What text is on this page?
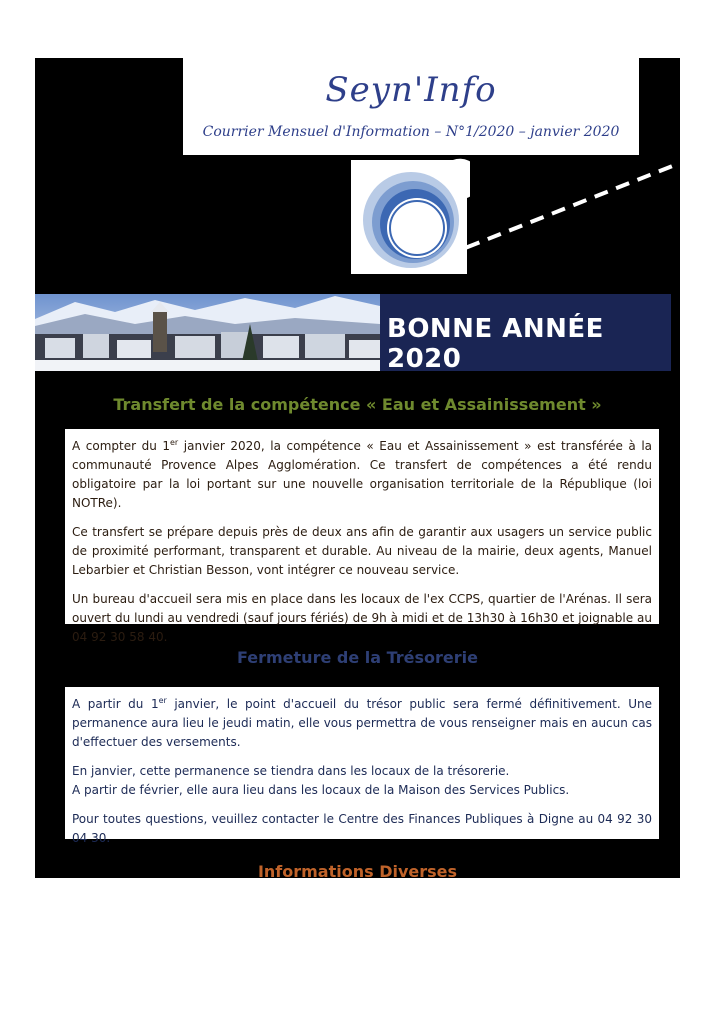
Seyn'Info
Courrier Mensuel d'Information – N°1/2020 – janvier 2020
BONNE ANNÉE 2020
Transfert de la compétence « Eau et Assainissement »

A compter du 1er janvier 2020, la compétence « Eau et Assainissement » est transférée à la communauté Provence Alpes Agglomération. Ce transfert de compétences a été rendu obligatoire par la loi portant sur une nouvelle organisation territoriale de la République (loi NOTRe).

Ce transfert se prépare depuis près de deux ans afin de garantir aux usagers un service public de proximité performant, transparent et durable. Au niveau de la mairie, deux agents, Manuel Lebarbier et Christian Besson, vont intégrer ce nouveau service.

Un bureau d'accueil sera mis en place dans les locaux de l'ex CCPS, quartier de l'Arénas. Il sera ouvert du lundi au vendredi (sauf jours fériés) de 9h à midi et de 13h30 à 16h30 et joignable au 04 92 30 58 40.

Fermeture de la Trésorerie

A partir du 1er janvier, le point d'accueil du trésor public sera fermé définitivement. Une permanence aura lieu le jeudi matin, elle vous permettra de vous renseigner mais en aucun cas d'effectuer des versements.

En janvier, cette permanence se tiendra dans les locaux de la trésorerie.
A partir de février, elle aura lieu dans les locaux de la Maison des Services Publics.

Pour toutes questions, veuillez contacter le Centre des Finances Publiques à Digne au 04 92 30 04 30.

Informations Diverses
